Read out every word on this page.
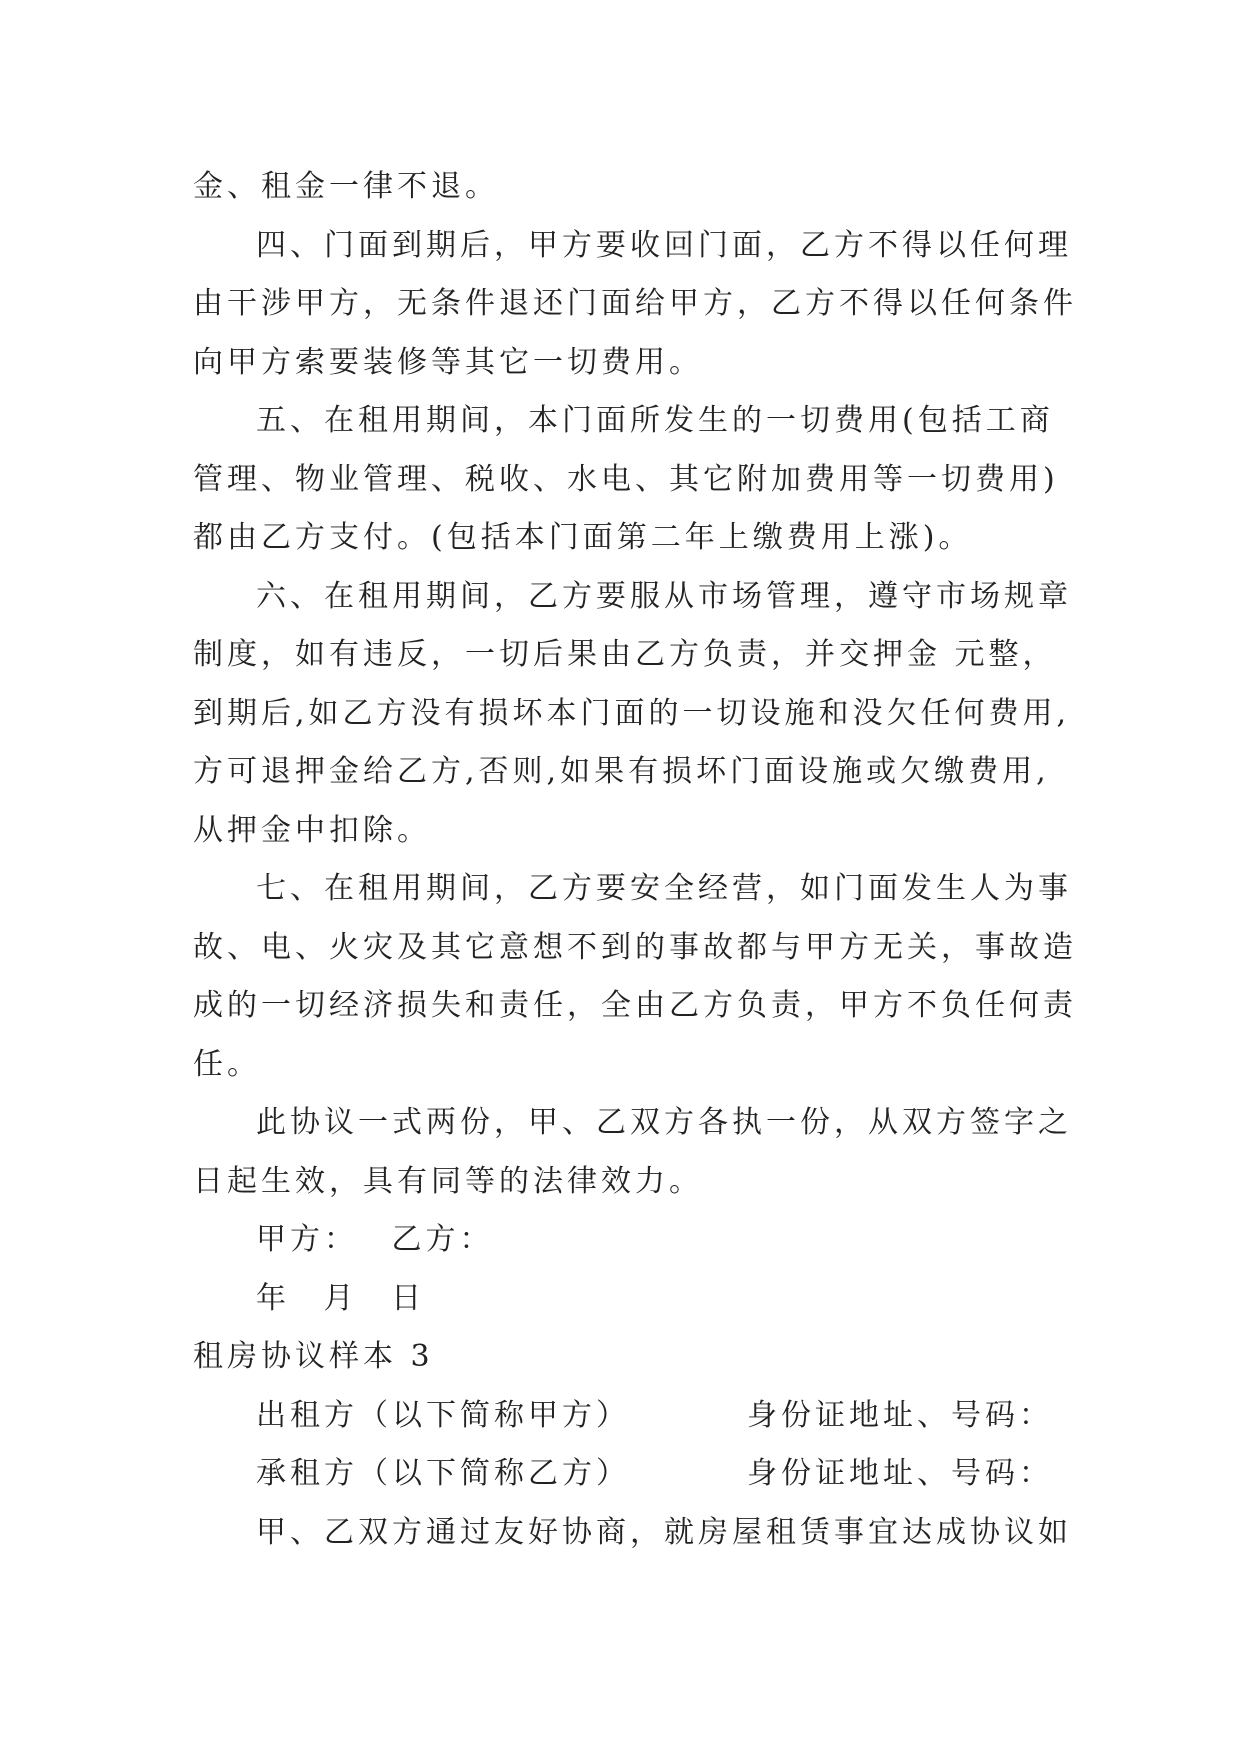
金、租金一律不退。
四、门面到期后，甲方要收回门面，乙方不得以任何理
由干涉甲方，无条件退还门面给甲方，乙方不得以任何条件
向甲方索要装修等其它一切费用。
五、在租用期间，本门面所发生的一切费用(包括工商
管理、物业管理、税收、水电、其它附加费用等一切费用)
都由乙方支付。(包括本门面第二年上缴费用上涨)。
六、在租用期间，乙方要服从市场管理，遵守市场规章
制度，如有违反，一切后果由乙方负责，并交押金 元整，
到期后,如乙方没有损坏本门面的一切设施和没欠任何费用,
方可退押金给乙方,否则,如果有损坏门面设施或欠缴费用,
从押金中扣除。
七、在租用期间，乙方要安全经营，如门面发生人为事
故、电、火灾及其它意想不到的事故都与甲方无关，事故造
成的一切经济损失和责任，全由乙方负责，甲方不负任何责
任。
此协议一式两份，甲、乙双方各执一份，从双方签字之
日起生效，具有同等的法律效力。
甲方： 乙方：
年 月 日
租房协议样本 3
出租方（以下简称甲方）	身份证地址、号码：
承租方（以下简称乙方）	身份证地址、号码：
甲、乙双方通过友好协商，就房屋租赁事宜达成协议如
